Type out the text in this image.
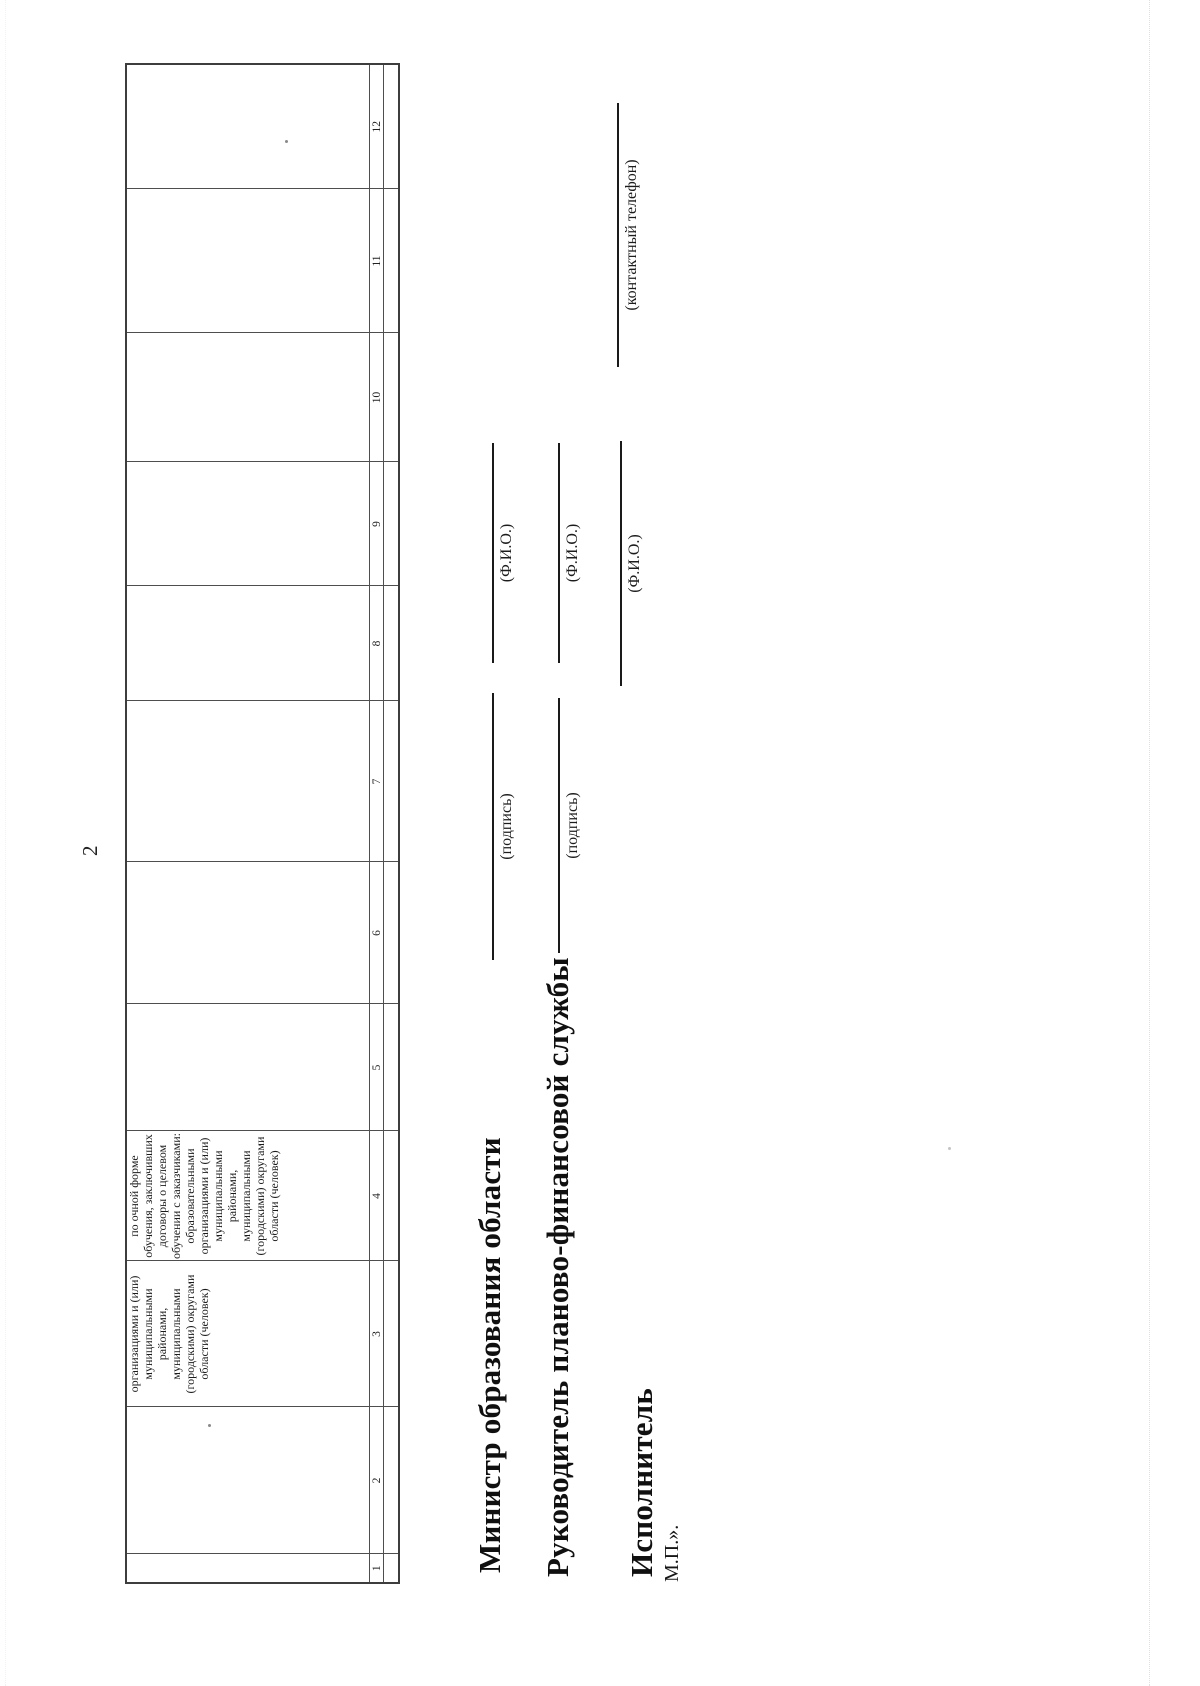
2
		организациями и (или) муниципальными районами, муниципальными (городскими) округами области (человек)	по очной форме обучения, заключивших договоры о целевом обучении с заказчиками: образовательными организациями и (или) муниципальными районами, муниципальными (городскими) округами области (человек)								
1	2	3	4	5	6	7	8	9	10	11	12

Министр образования области
(подпись)
(Ф.И.О.)
Руководитель планово-финансовой службы
(подпись)
(Ф.И.О.)
Исполнитель
(Ф.И.О.)
(контактный телефон)
М.П.».
